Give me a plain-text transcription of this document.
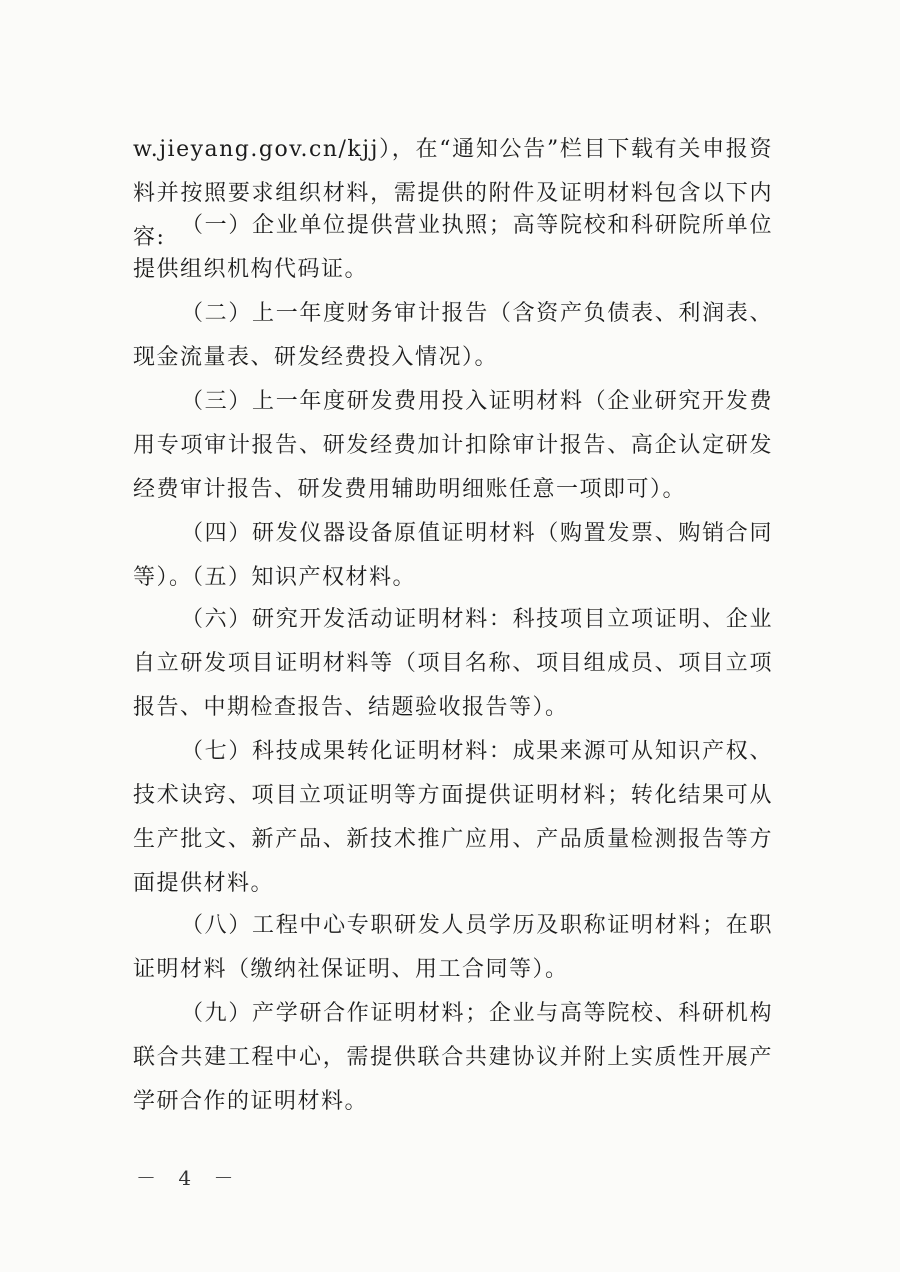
w.jieyang.gov.cn/kjj），在“通知公告”栏目下载有关申报资料并按照要求组织材料，需提供的附件及证明材料包含以下内容: （一）企业单位提供营业执照；高等院校和科研院所单位提供组织机构代码证。

（二）上一年度财务审计报告（含资产负债表、利润表、现金流量表、研发经费投入情况）。

（三）上一年度研发费用投入证明材料（企业研究开发费用专项审计报告、研发经费加计扣除审计报告、高企认定研发经费审计报告、研发费用辅助明细账任意一项即可）。

（四）研发仪器设备原值证明材料（购置发票、购销合同等）。

（五）知识产权材料。

（六）研究开发活动证明材料：科技项目立项证明、企业自立研发项目证明材料等（项目名称、项目组成员、项目立项报告、中期检查报告、结题验收报告等）。

（七）科技成果转化证明材料：成果来源可从知识产权、技术诀窍、项目立项证明等方面提供证明材料；转化结果可从生产批文、新产品、新技术推广应用、产品质量检测报告等方面提供材料。

（八）工程中心专职研发人员学历及职称证明材料；在职证明材料（缴纳社保证明、用工合同等）。

（九）产学研合作证明材料；企业与高等院校、科研机构联合共建工程中心，需提供联合共建协议并附上实质性开展产学研合作的证明材料。

－ 4 －
